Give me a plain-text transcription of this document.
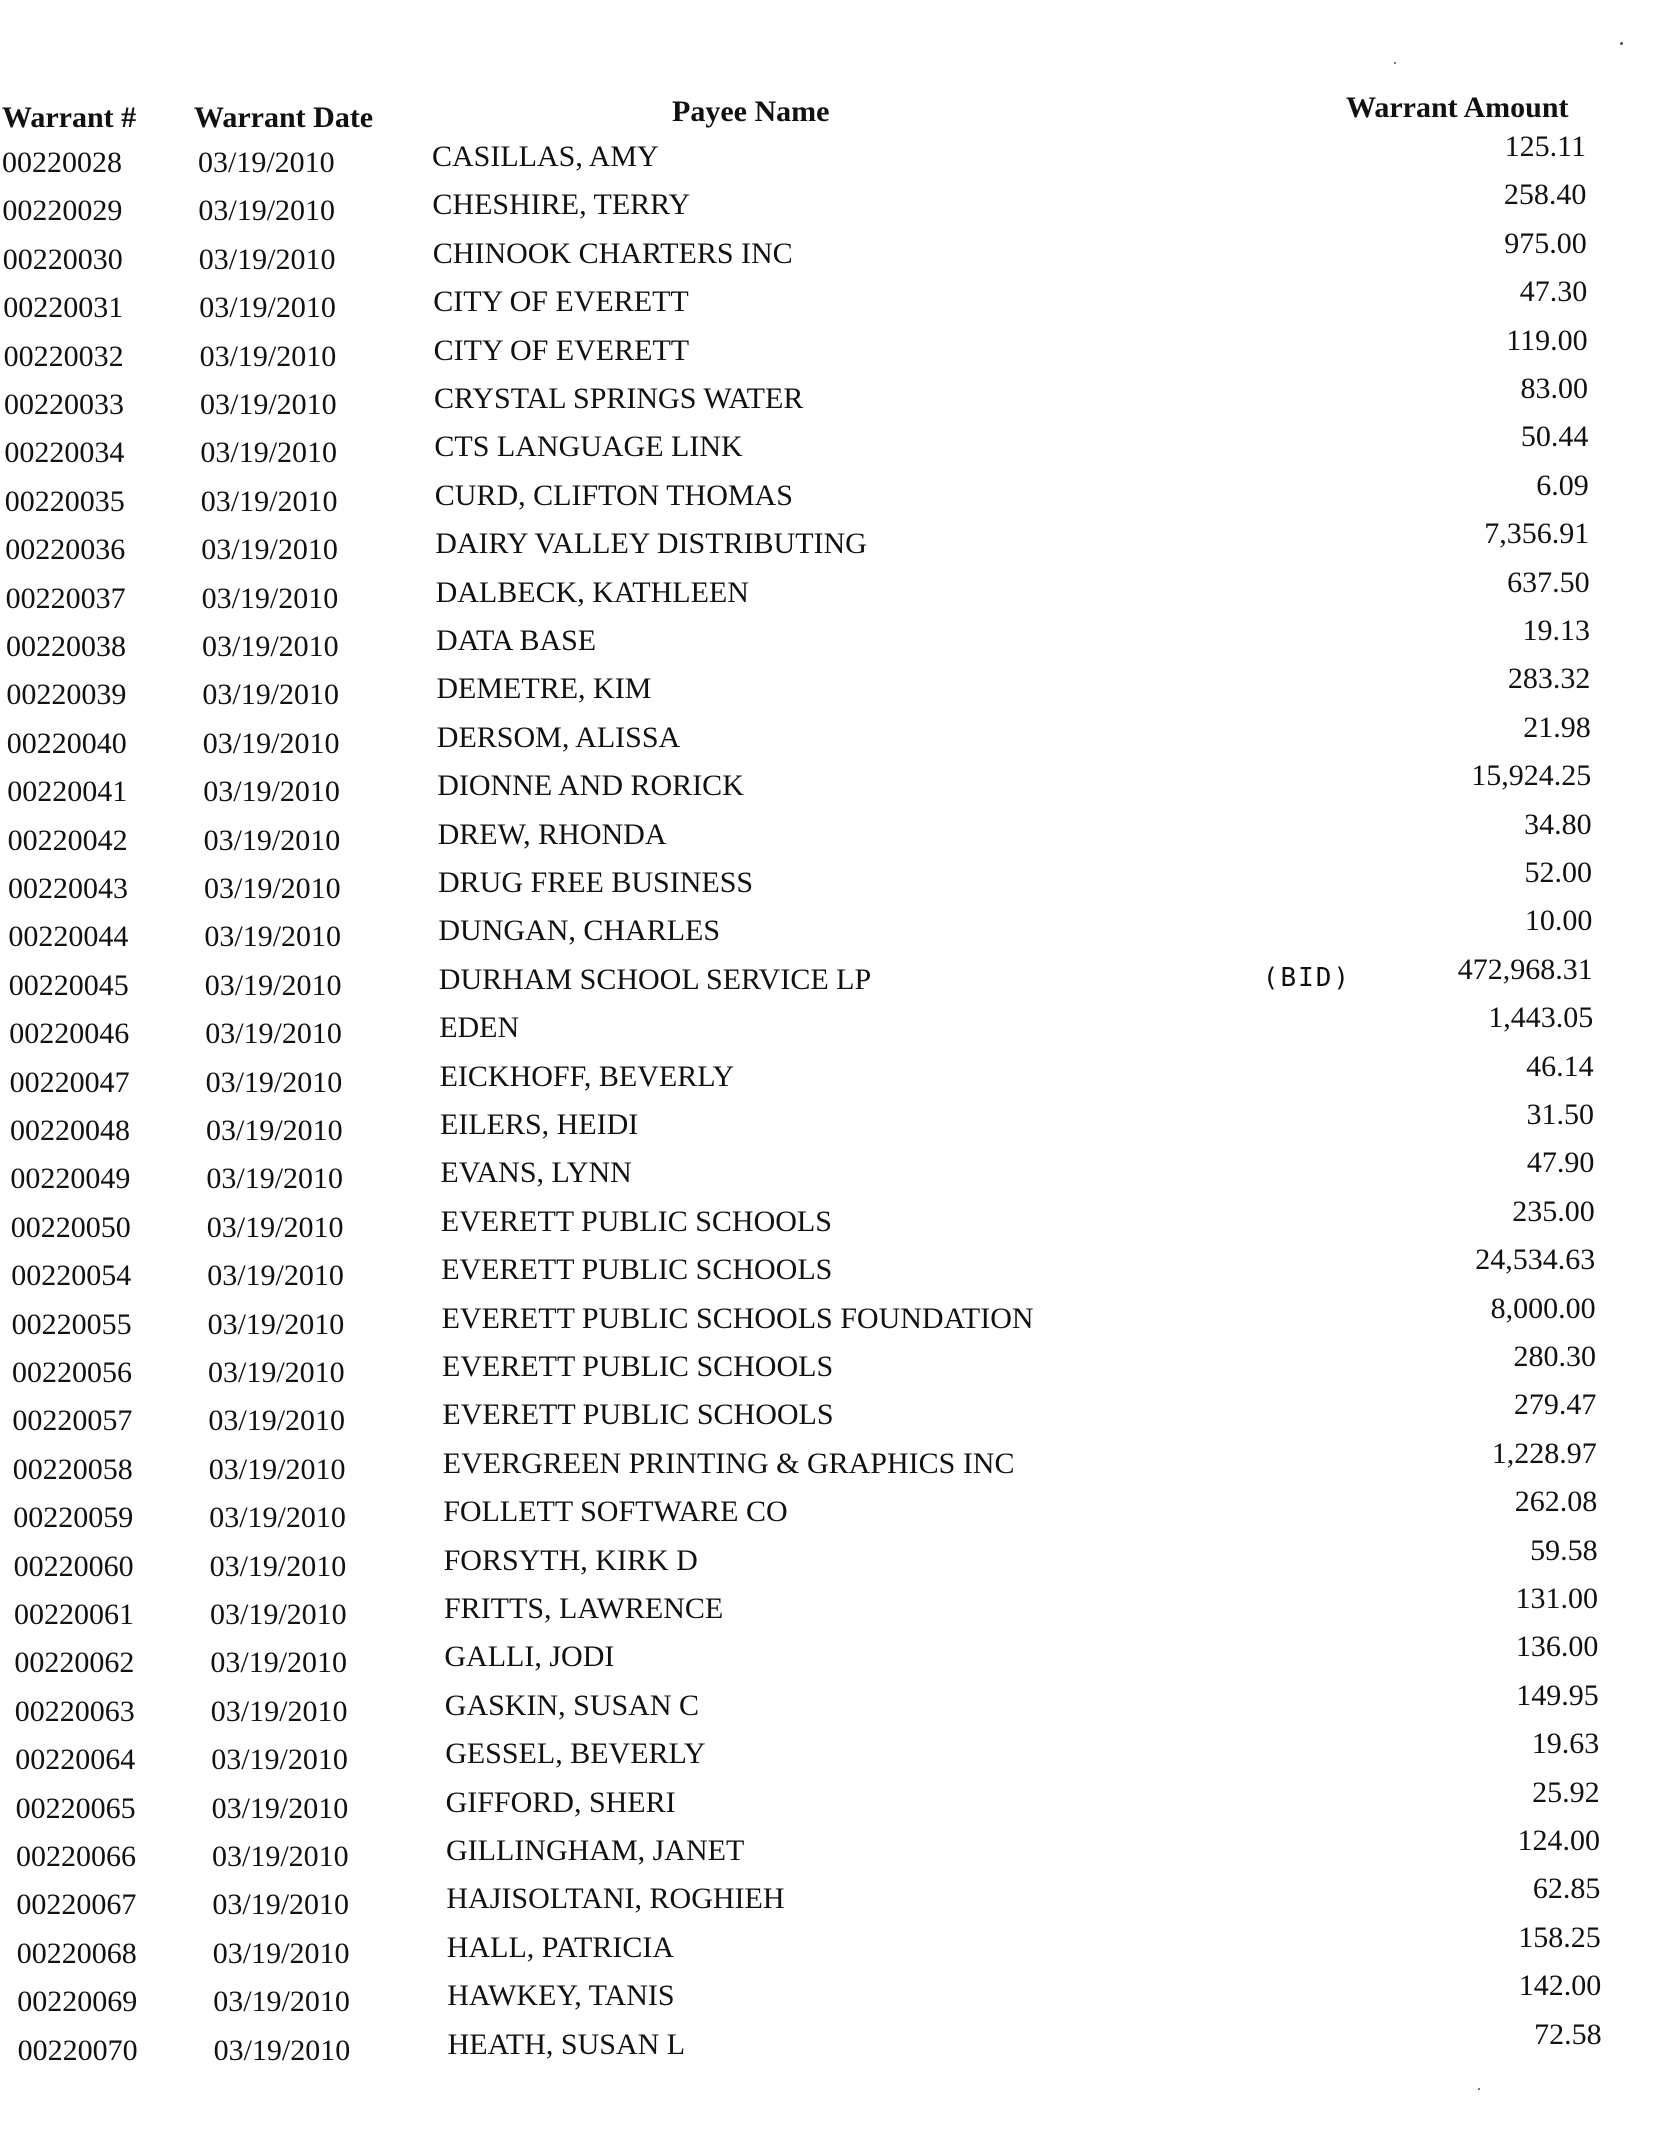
Warrant # Warrant Date	Payee Name	Warrant Amount
00220028	03/19/2010	CASILLAS, AMY	125.11
00220029	03/19/2010	CHESHIRE, TERRY	258.40
00220030	03/19/2010	CHINOOK CHARTERS INC	975.00
00220031	03/19/2010	CITY OF EVERETT	47.30
00220032	03/19/2010	CITY OF EVERETT	119.00
00220033	03/19/2010	CRYSTAL SPRINGS WATER	83.00
00220034	03/19/2010	CTS LANGUAGE LINK	50.44
00220035	03/19/2010	CURD, CLIFTON THOMAS	6.09
00220036	03/19/2010	DAIRY VALLEY DISTRIBUTING	7,356.91
00220037	03/19/2010	DALBECK, KATHLEEN	637.50
00220038	03/19/2010	DATA BASE	19.13
00220039	03/19/2010	DEMETRE, KIM	283.32
00220040	03/19/2010	DERSOM, ALISSA	21.98
00220041	03/19/2010	DIONNE AND RORICK	15,924.25
00220042	03/19/2010	DREW, RHONDA	34.80
00220043	03/19/2010	DRUG FREE BUSINESS	52.00
00220044	03/19/2010	DUNGAN, CHARLES	10.00
00220045	03/19/2010	DURHAM SCHOOL SERVICE LP	(BID)	472,968.31
00220046	03/19/2010	EDEN	1,443.05
00220047	03/19/2010	EICKHOFF, BEVERLY	46.14
00220048	03/19/2010	EILERS, HEIDI	31.50
00220049	03/19/2010	EVANS, LYNN	47.90
00220050	03/19/2010	EVERETT PUBLIC SCHOOLS	235.00
00220054	03/19/2010	EVERETT PUBLIC SCHOOLS	24,534.63
00220055	03/19/2010	EVERETT PUBLIC SCHOOLS FOUNDATION	8,000.00
00220056	03/19/2010	EVERETT PUBLIC SCHOOLS	280.30
00220057	03/19/2010	EVERETT PUBLIC SCHOOLS	279.47
00220058	03/19/2010	EVERGREEN PRINTING & GRAPHICS INC	1,228.97
00220059	03/19/2010	FOLLETT SOFTWARE CO	262.08
00220060	03/19/2010	FORSYTH, KIRK D	59.58
00220061	03/19/2010	FRITTS, LAWRENCE	131.00
00220062	03/19/2010	GALLI, JODI	136.00
00220063	03/19/2010	GASKIN, SUSAN C	149.95
00220064	03/19/2010	GESSEL, BEVERLY	19.63
00220065	03/19/2010	GIFFORD, SHERI	25.92
00220066	03/19/2010	GILLINGHAM, JANET	124.00
00220067	03/19/2010	HAJISOLTANI, ROGHIEH	62.85
00220068	03/19/2010	HALL, PATRICIA	158.25
00220069	03/19/2010	HAWKEY, TANIS	142.00
00220070	03/19/2010	HEATH, SUSAN L	72.58
